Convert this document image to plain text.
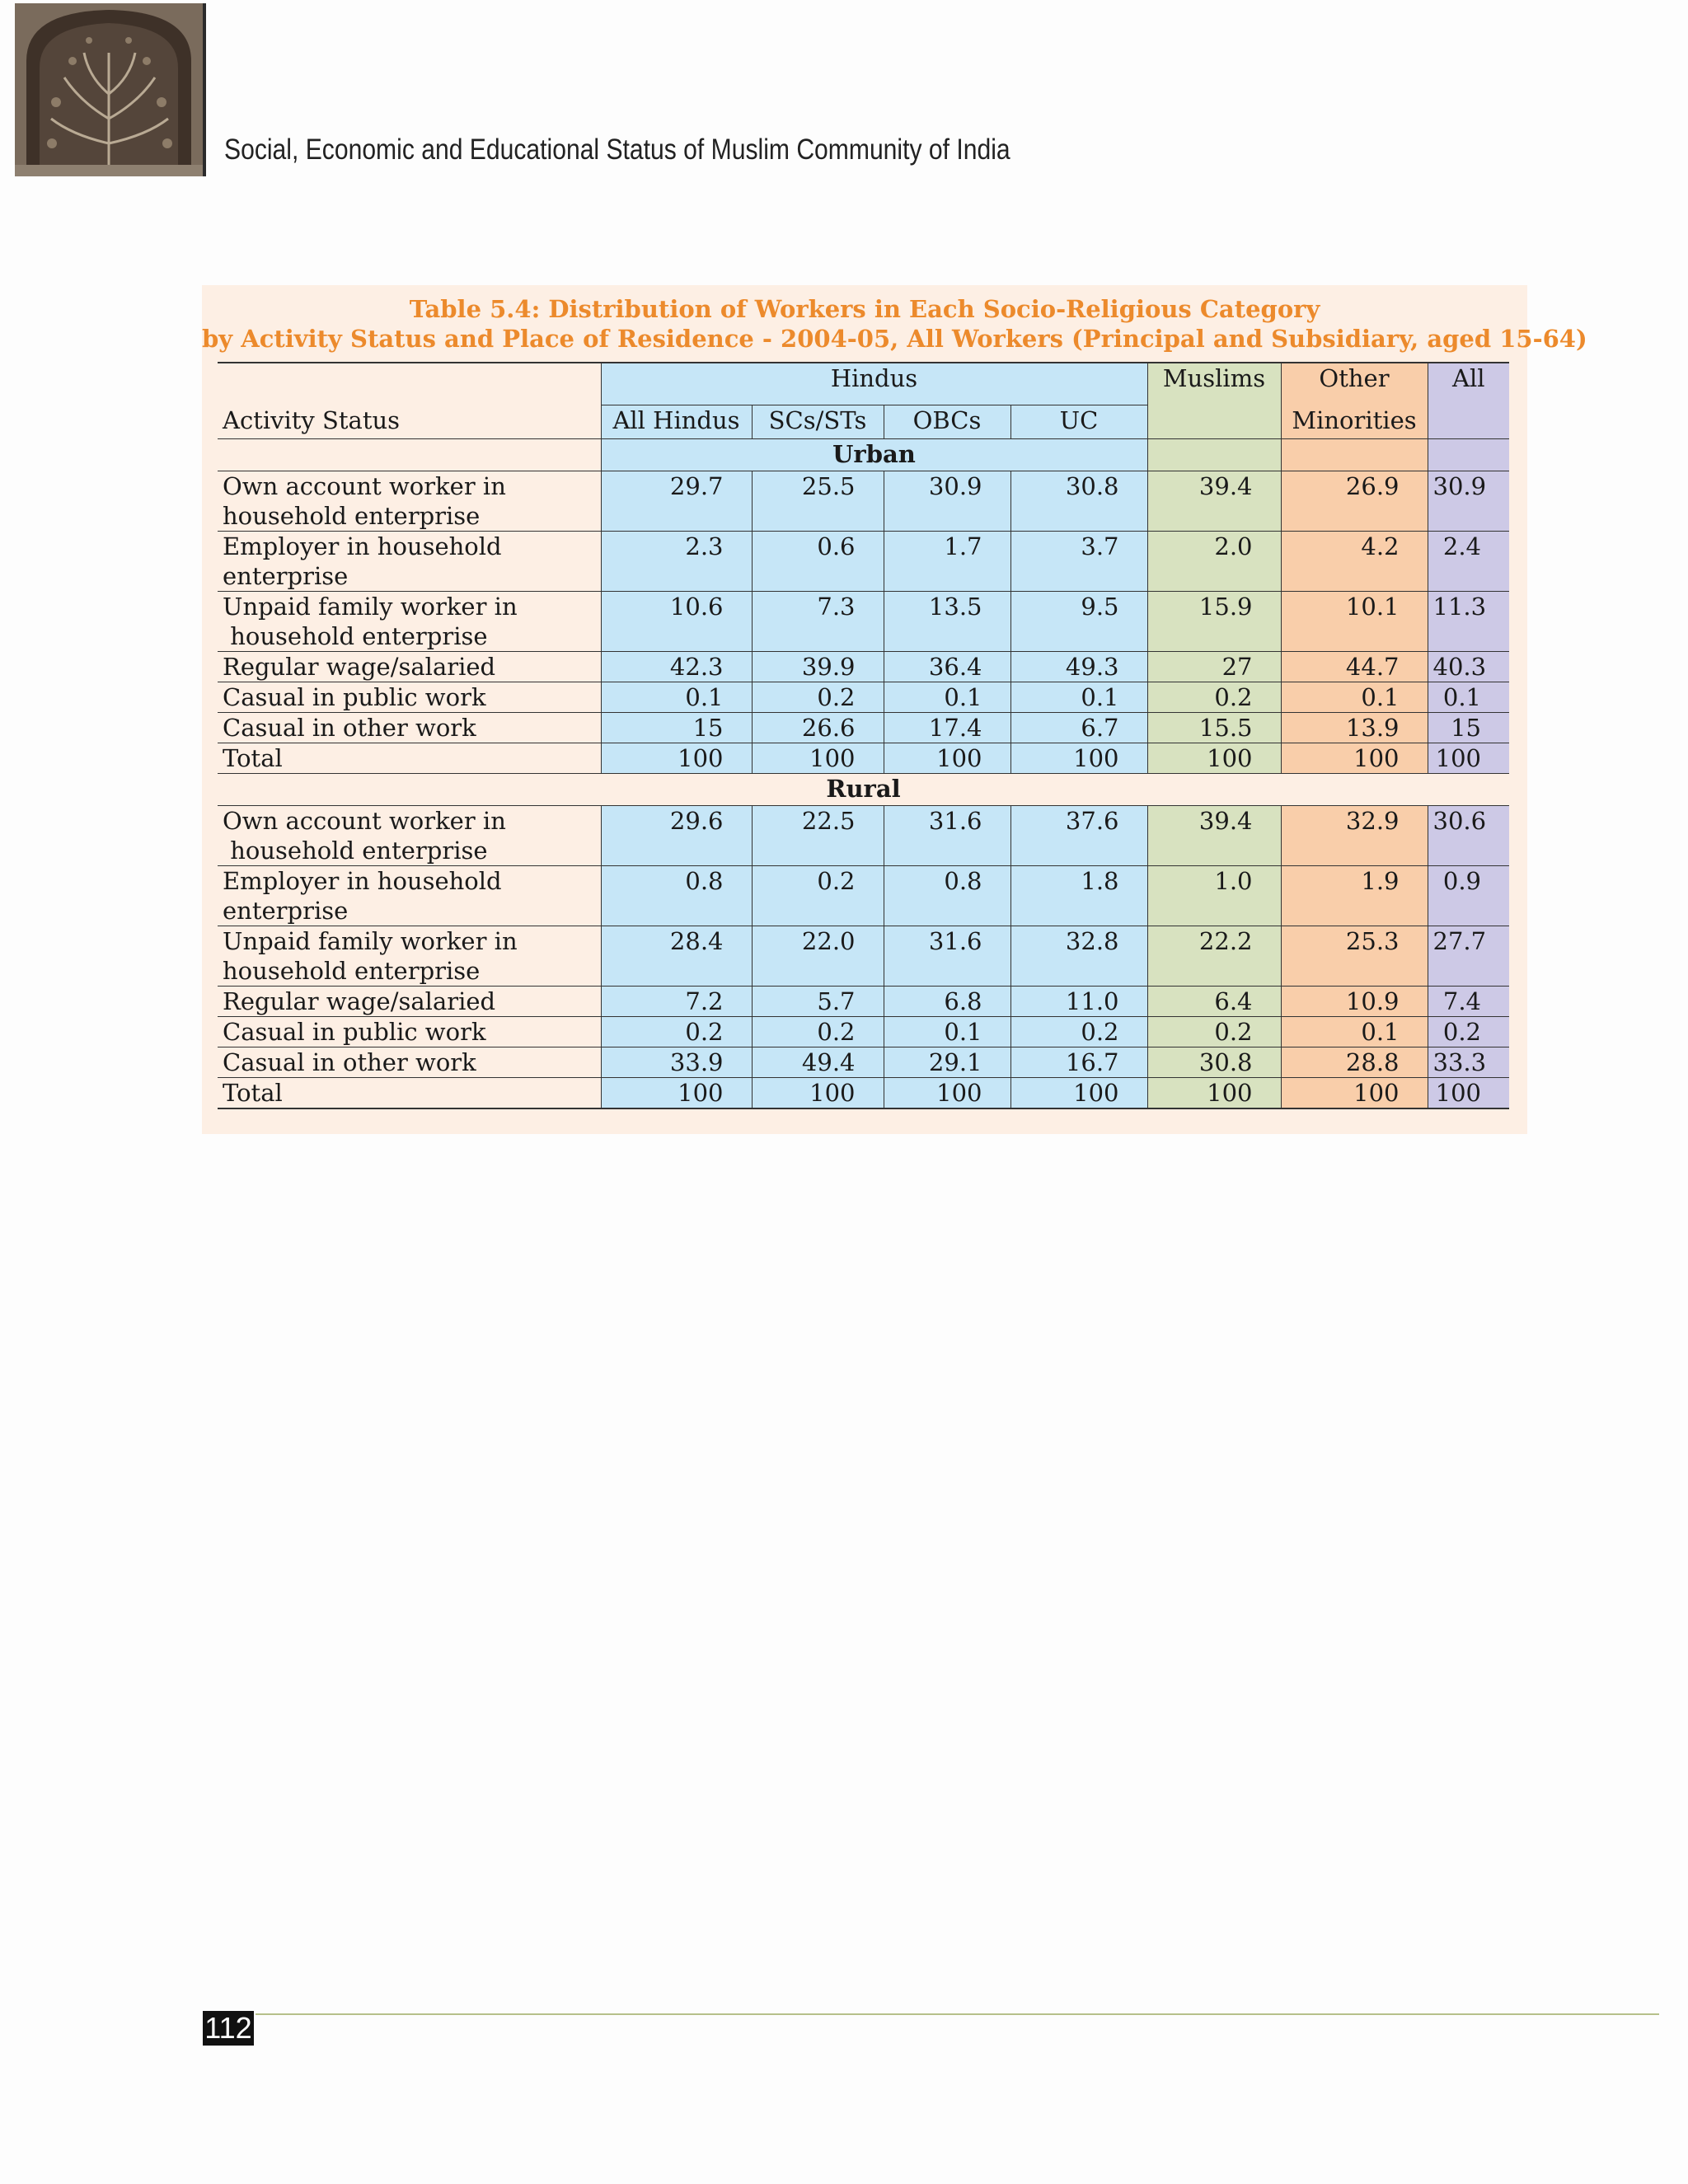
Social, Economic and Educational Status of Muslim Community of India
Table 5.4: Distribution of Workers in Each Socio-Religious Category
by Activity Status and Place of Residence - 2004-05, All Workers (Principal and Subsidiary, aged 15-64)
	Hindus				Muslims	Other	All
Activity Status	All Hindus	SCs/STs	OBCs	UC		Minorities	
	Urban						

Own account worker in
household enterprise	29.7	25.5	30.9	30.8	39.4	26.9	30.9

Employer in household
enterprise	2.3	0.6	1.7	3.7	2.0	4.2	2.4

Unpaid family worker in
household enterprise	10.6	7.3	13.5	9.5	15.9	10.1	11.3

Regular wage/salaried	42.3	39.9	36.4	49.3	27	44.7	40.3

Casual in public work	0.1	0.2	0.1	0.1	0.2	0.1	0.1

Casual in other work	15	26.6	17.4	6.7	15.5	13.9	15

Total	100	100	100	100	100	100	100
Rural							

Own account worker in
household enterprise	29.6	22.5	31.6	37.6	39.4	32.9	30.6

Employer in household
enterprise	0.8	0.2	0.8	1.8	1.0	1.9	0.9

Unpaid family worker in
household enterprise	28.4	22.0	31.6	32.8	22.2	25.3	27.7

Regular wage/salaried	7.2	5.7	6.8	11.0	6.4	10.9	7.4

Casual in public work	0.2	0.2	0.1	0.2	0.2	0.1	0.2

Casual in other work	33.9	49.4	29.1	16.7	30.8	28.8	33.3

Total	100	100	100	100	100	100	100
112
